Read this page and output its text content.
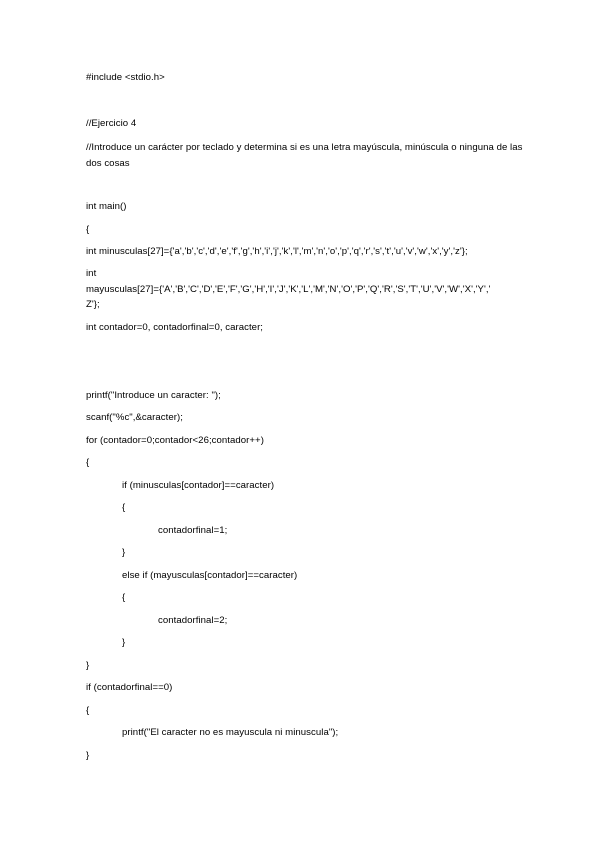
#include <stdio.h>
//Ejercicio 4
//Introduce un carácter por teclado y determina si es una letra mayúscula, minúscula o ninguna de las dos cosas
int main()
{
int minusculas[27]={'a','b','c','d','e','f','g','h','i','j','k','l','m','n','o','p','q','r','s','t','u','v','w','x','y','z'};
int
mayusculas[27]={'A','B','C','D','E','F','G','H','I','J','K','L','M','N','O','P','Q','R','S','T','U','V','W','X','Y','
Z'};
int contador=0, contadorfinal=0, caracter;
printf("Introduce un caracter: ");
scanf("%c",&caracter);
for (contador=0;contador<26;contador++)
{
if (minusculas[contador]==caracter)
{
contadorfinal=1;
}
else if (mayusculas[contador]==caracter)
{
contadorfinal=2;
}
}
if (contadorfinal==0)
{
printf("El caracter no es mayuscula ni minuscula");
}
